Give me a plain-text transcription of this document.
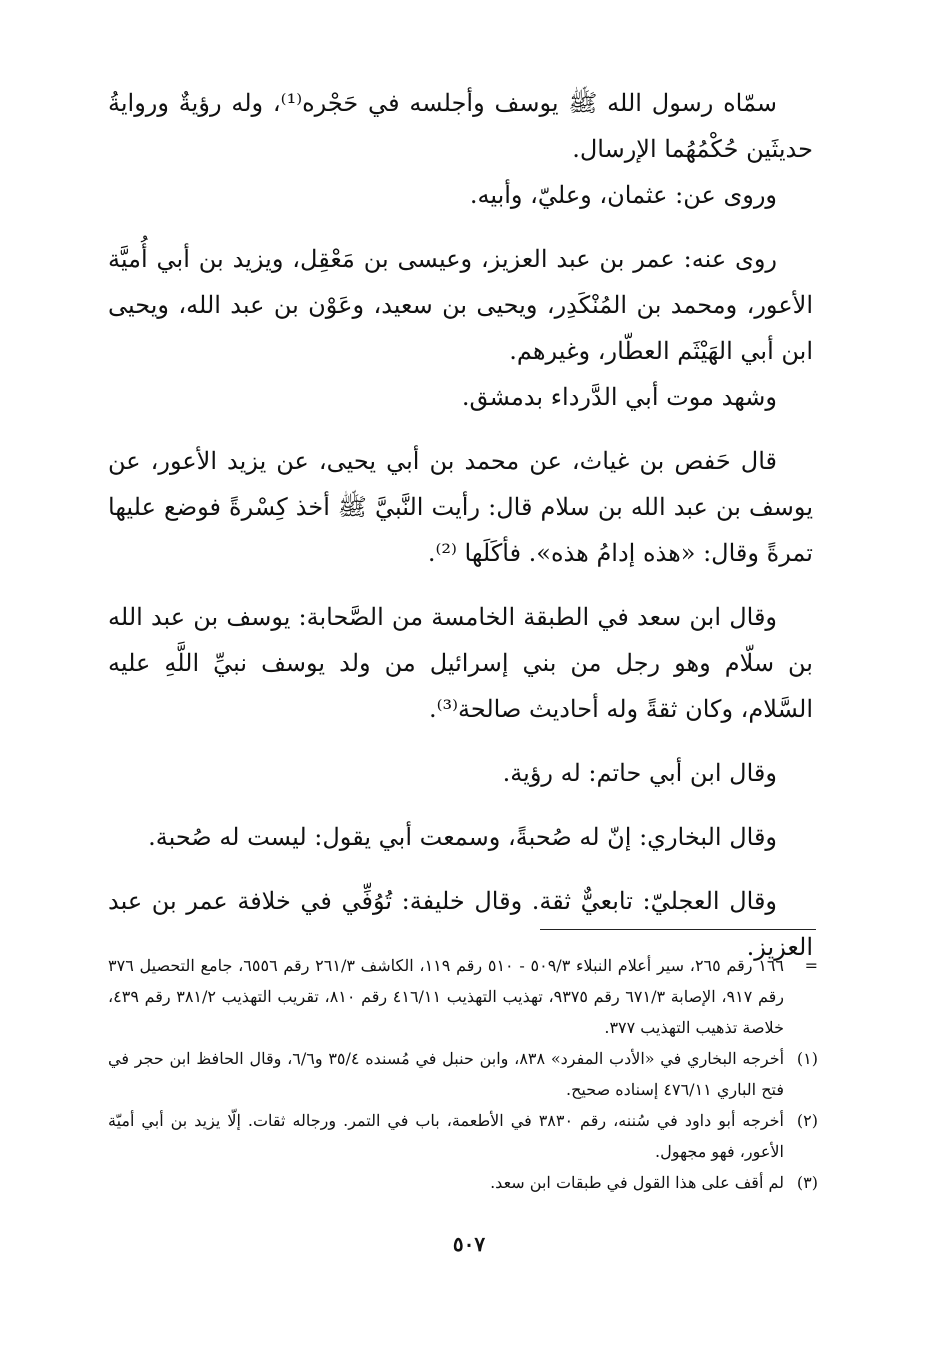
سمّاه رسول الله ﷺ يوسف وأجلسه في حَجْره⁽¹⁾، وله رؤيةٌ وروايةُ حديثَين حُكْمُهُما الإرسال.

وروى عن: عثمان، وعليّ، وأبيه.

روى عنه: عمر بن عبد العزيز، وعيسى بن مَعْقِل، ويزيد بن أبي أُميَّة الأعور، ومحمد بن المُنْكَدِر، ويحيى بن سعيد، وعَوْن بن عبد الله، ويحيى ابن أبي الهَيْثَم العطّار، وغيرهم.

وشهد موت أبي الدَّرداء بدمشق.

قال حَفص بن غياث، عن محمد بن أبي يحيى، عن يزيد الأعور، عن يوسف بن عبد الله بن سلام قال: رأيت النَّبيَّ ﷺ أخذ كِسْرةً فوضع عليها تمرةً وقال: «هذه إدامُ هذه». فأكَلَها ⁽²⁾.

وقال ابن سعد في الطبقة الخامسة من الصَّحابة: يوسف بن عبد الله بن سلّام وهو رجل من بني إسرائيل من ولد يوسف نبيِّ اللَّهِ عليه السَّلام، وكان ثقةً وله أحاديث صالحة⁽³⁾.

وقال ابن أبي حاتم: له رؤية.

وقال البخاري: إنّ له صُحبةً، وسمعت أبي يقول: ليست له صُحبة.

وقال العجليّ: تابعيٌّ ثقة. وقال خليفة: تُوُفِّي في خلافة عمر بن عبد العزيز.

=
١٦٦ رقم ٢٦٥، سير أعلام النبلاء ٥٠٩/٣ - ٥١٠ رقم ١١٩، الكاشف ٢٦١/٣ رقم ٦٥٥٦، جامع التحصيل ٣٧٦ رقم ٩١٧، الإصابة ٦٧١/٣ رقم ٩٣٧٥، تهذيب التهذيب ٤١٦/١١ رقم ٨١٠، تقريب التهذيب ٣٨١/٢ رقم ٤٣٩، خلاصة تذهيب التهذيب ٣٧٧.
(١)
أخرجه البخاري في «الأدب المفرد» ٨٣٨، وابن حنبل في مُسنده ٣٥/٤ و٦/٦، وقال الحافظ ابن حجر في فتح الباري ٤٧٦/١١ إسناده صحيح.
(٢)
أخرجه أبو داود في سُننه، رقم ٣٨٣٠ في الأطعمة، باب في التمر. ورجاله ثقات. إلّا يزيد بن أبي أميّة الأعور، فهو مجهول.
(٣)
لم أقف على هذا القول في طبقات ابن سعد.
٥٠٧
